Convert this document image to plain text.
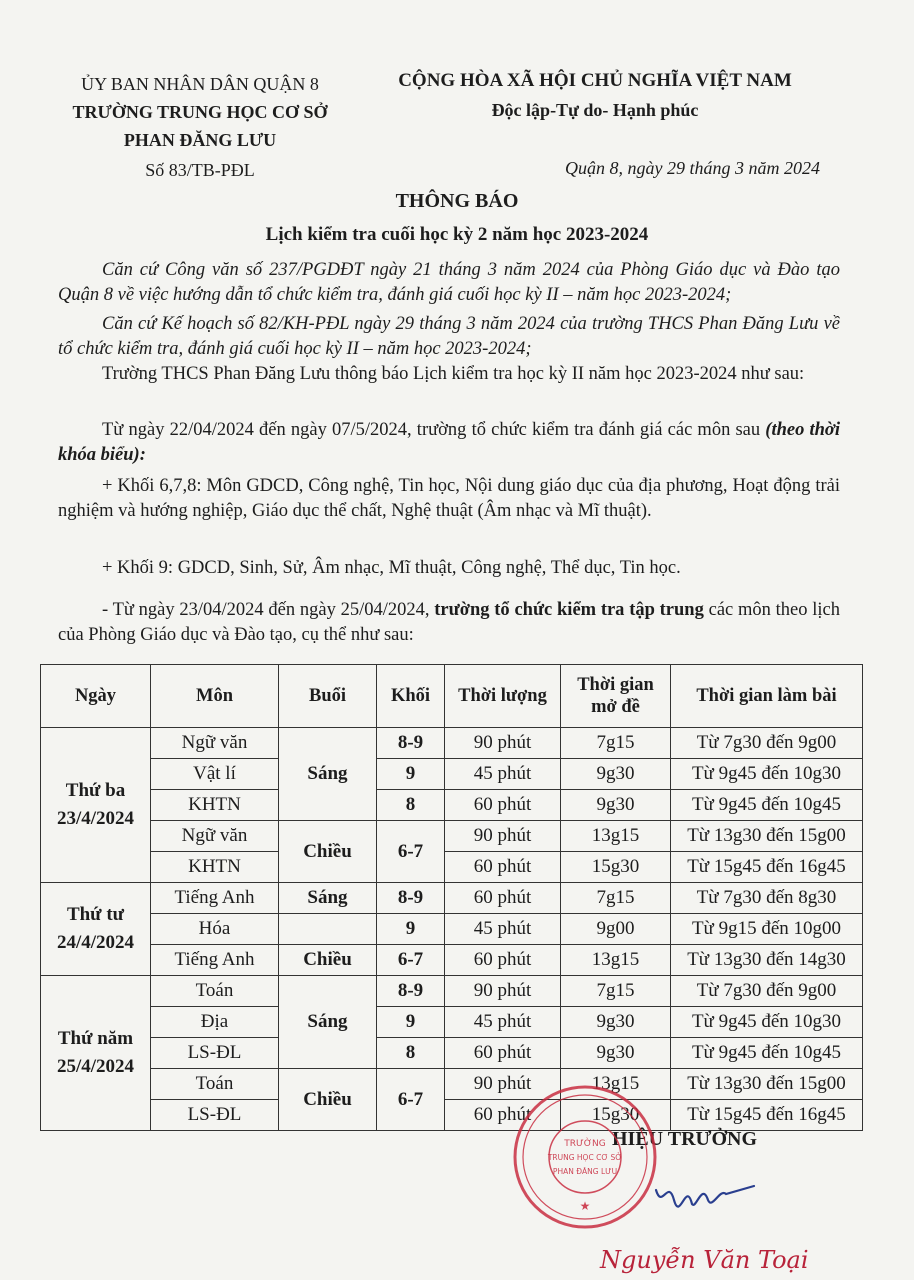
ỦY BAN NHÂN DÂN QUẬN 8
TRƯỜNG TRUNG HỌC CƠ SỞ
PHAN ĐĂNG LƯU
Số 83/TB-PĐL
CỘNG HÒA XÃ HỘI CHỦ NGHĨA VIỆT NAM
Độc lập-Tự do- Hạnh phúc
Quận 8, ngày 29 tháng 3 năm 2024
THÔNG BÁO
Lịch kiểm tra cuối học kỳ 2 năm học 2023-2024
Căn cứ Công văn số 237/PGDĐT ngày 21 tháng 3 năm 2024 của Phòng Giáo dục và Đào tạo Quận 8 về việc hướng dẫn tổ chức kiểm tra, đánh giá cuối học kỳ II – năm học 2023-2024;
Căn cứ Kế hoạch số 82/KH-PĐL ngày 29 tháng 3 năm 2024 của trường THCS Phan Đăng Lưu về tổ chức kiểm tra, đánh giá cuối học kỳ II – năm học 2023-2024;
Trường THCS Phan Đăng Lưu thông báo Lịch kiểm tra học kỳ II năm học 2023-2024 như sau:
Từ ngày 22/04/2024 đến ngày 07/5/2024, trường tổ chức kiểm tra đánh giá các môn sau (theo thời khóa biểu):
+ Khối 6,7,8: Môn GDCD, Công nghệ, Tin học, Nội dung giáo dục của địa phương, Hoạt động trải nghiệm và hướng nghiệp, Giáo dục thể chất, Nghệ thuật (Âm nhạc và Mĩ thuật).
+ Khối 9: GDCD, Sinh, Sử, Âm nhạc, Mĩ thuật, Công nghệ, Thể dục, Tin học.
- Từ ngày 23/04/2024 đến ngày 25/04/2024, trường tổ chức kiểm tra tập trung các môn theo lịch của Phòng Giáo dục và Đào tạo, cụ thể như sau:
Ngày	Môn	Buổi	Khối	Thời lượng	Thời gian mở đề	Thời gian làm bài
Thứ ba
23/4/2024	Ngữ văn	Sáng	8-9	90 phút	7g15	Từ 7g30 đến 9g00
	Vật lí		9	45 phút	9g30	Từ 9g45 đến 10g30
	KHTN		8	60 phút	9g30	Từ 9g45 đến 10g45
	Ngữ văn	Chiều	6-7	90 phút	13g15	Từ 13g30 đến 15g00
	KHTN			60 phút	15g30	Từ 15g45 đến 16g45
Thứ tư
24/4/2024	Tiếng Anh	Sáng	8-9	60 phút	7g15	Từ 7g30 đến 8g30
	Hóa		9	45 phút	9g00	Từ 9g15 đến 10g00
	Tiếng Anh	Chiều	6-7	60 phút	13g15	Từ 13g30 đến 14g30
Thứ năm
25/4/2024	Toán	Sáng	8-9	90 phút	7g15	Từ 7g30 đến 9g00
	Địa		9	45 phút	9g30	Từ 9g45 đến 10g30
	LS-ĐL		8	60 phút	9g30	Từ 9g45 đến 10g45
	Toán	Chiều	6-7	90 phút	13g15	Từ 13g30 đến 15g00
	LS-ĐL			60 phút	15g30	Từ 15g45 đến 16g45
HIỆU TRƯỞNG
TRƯỜNG
TRUNG HỌC CƠ SỞ
PHAN ĐĂNG LƯU
★
Nguyễn Văn Toại
